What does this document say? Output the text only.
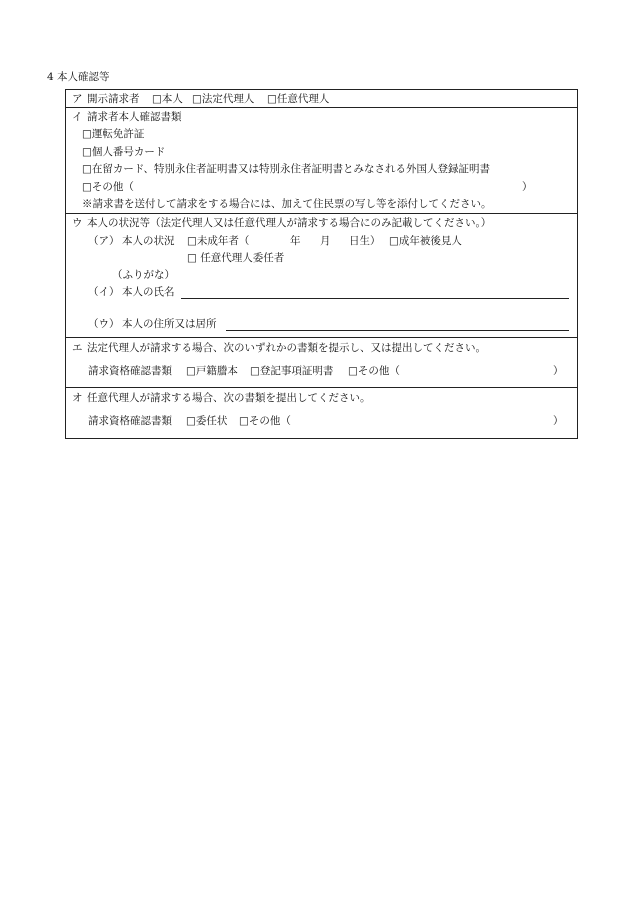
4 本人確認等
ア 開示請求者 □本人 □法定代理人 □任意代理人
イ 請求者本人確認書類
□運転免許証
□個人番号カード
□在留カード、特別永住者証明書又は特別永住者証明書とみなされる外国人登録証明書
□その他（	）
※請求書を送付して請求をする場合には、加えて住民票の写し等を添付してください。
ウ 本人の状況等（法定代理人又は任意代理人が請求する場合にのみ記載してください。）
（ア） 本人の状況 □未成年者（	年 月 日生） □成年被後見人
□ 任意代理人委任者
（ふりがな）
（イ） 本人の氏名
（ウ） 本人の住所又は居所
エ 法定代理人が請求する場合、次のいずれかの書類を提示し、又は提出してください。
請求資格確認書類 □戸籍謄本 □登記事項証明書 □その他（	）
オ 任意代理人が請求する場合、次の書類を提出してください。
請求資格確認書類 □委任状 □その他（	）
